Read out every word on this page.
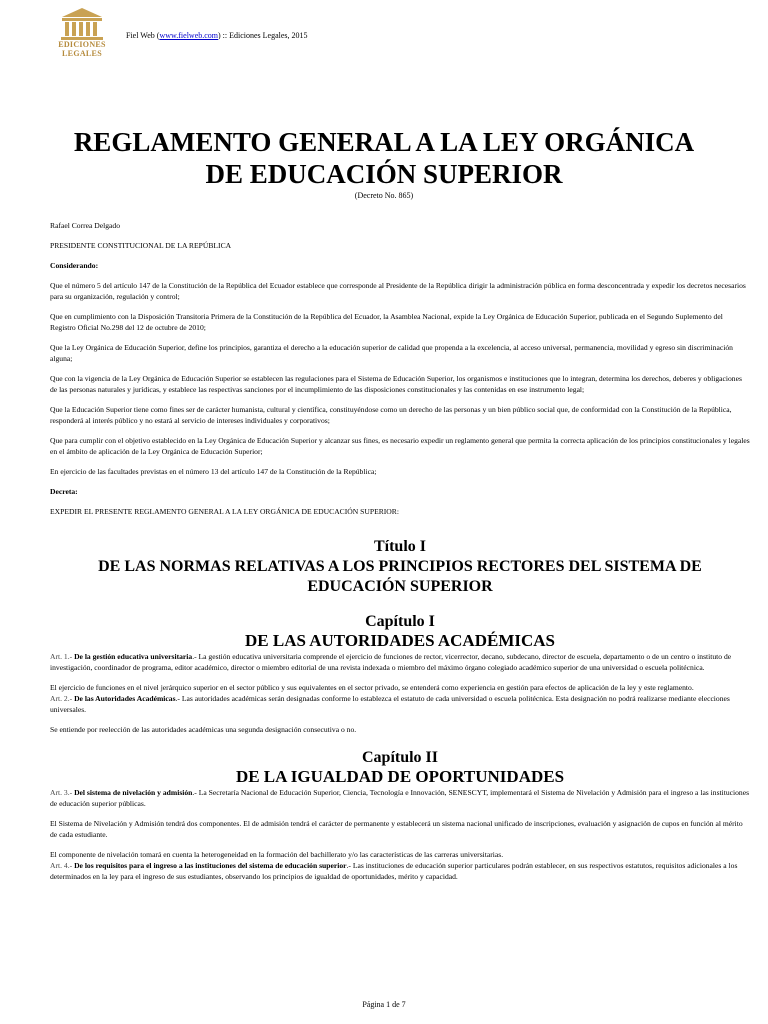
EDICIONES
LEGALES
Fiel Web (www.fielweb.com) :: Ediciones Legales, 2015
REGLAMENTO GENERAL A LA LEY ORGÁNICA
DE EDUCACIÓN SUPERIOR
(Decreto No. 865)

Rafael Correa Delgado

PRESIDENTE CONSTITUCIONAL DE LA REPÚBLICA

Considerando:

Que el número 5 del artículo 147 de la Constitución de la República del Ecuador establece que corresponde al Presidente de la República dirigir la administración pública en forma desconcentrada y expedir los decretos necesarios para su organización, regulación y control;

Que en cumplimiento con la Disposición Transitoria Primera de la Constitución de la República del Ecuador, la Asamblea Nacional, expide la Ley Orgánica de Educación Superior, publicada en el Segundo Suplemento del Registro Oficial No.298 del 12 de octubre de 2010;

Que la Ley Orgánica de Educación Superior, define los principios, garantiza el derecho a la educación superior de calidad que propenda a la excelencia, al acceso universal, permanencia, movilidad y egreso sin discriminación alguna;

Que con la vigencia de la Ley Orgánica de Educación Superior se establecen las regulaciones para el Sistema de Educación Superior, los organismos e instituciones que lo integran, determina los derechos, deberes y obligaciones de las personas naturales y jurídicas, y establece las respectivas sanciones por el incumplimiento de las disposiciones constitucionales y las contenidas en ese instrumento legal;

Que la Educación Superior tiene como fines ser de carácter humanista, cultural y científica, constituyéndose como un derecho de las personas y un bien público social que, de conformidad con la Constitución de la República, responderá al interés público y no estará al servicio de intereses individuales y corporativos;

Que para cumplir con el objetivo establecido en la Ley Orgánica de Educación Superior y alcanzar sus fines, es necesario expedir un reglamento general que permita la correcta aplicación de los principios constitucionales y legales en el ámbito de aplicación de la Ley Orgánica de Educación Superior;

En ejercicio de las facultades previstas en el número 13 del artículo 147 de la Constitución de la República;

Decreta:

EXPEDIR EL PRESENTE REGLAMENTO GENERAL A LA LEY ORGÁNICA DE EDUCACIÓN SUPERIOR:

Título I
DE LAS NORMAS RELATIVAS A LOS PRINCIPIOS RECTORES DEL SISTEMA DE EDUCACIÓN SUPERIOR
Capítulo I
DE LAS AUTORIDADES ACADÉMICAS

Art. 1.- De la gestión educativa universitaria.- La gestión educativa universitaria comprende el ejercicio de funciones de rector, vicerrector, decano, subdecano, director de escuela, departamento o de un centro o instituto de investigación, coordinador de programa, editor académico, director o miembro editorial de una revista indexada o miembro del máximo órgano colegiado académico superior de una universidad o escuela politécnica.

El ejercicio de funciones en el nivel jerárquico superior en el sector público y sus equivalentes en el sector privado, se entenderá como experiencia en gestión para efectos de aplicación de la ley y este reglamento.

Art. 2.- De las Autoridades Académicas.- Las autoridades académicas serán designadas conforme lo establezca el estatuto de cada universidad o escuela politécnica. Esta designación no podrá realizarse mediante elecciones universales.

Se entiende por reelección de las autoridades académicas una segunda designación consecutiva o no.

Capítulo II
DE LA IGUALDAD DE OPORTUNIDADES

Art. 3.- Del sistema de nivelación y admisión.- La Secretaría Nacional de Educación Superior, Ciencia, Tecnología e Innovación, SENESCYT, implementará el Sistema de Nivelación y Admisión para el ingreso a las instituciones de educación superior públicas.

El Sistema de Nivelación y Admisión tendrá dos componentes. El de admisión tendrá el carácter de permanente y establecerá un sistema nacional unificado de inscripciones, evaluación y asignación de cupos en función al mérito de cada estudiante.

El componente de nivelación tomará en cuenta la heterogeneidad en la formación del bachillerato y/o las características de las carreras universitarias.

Art. 4.- De los requisitos para el ingreso a las instituciones del sistema de educación superior.- Las instituciones de educación superior particulares podrán establecer, en sus respectivos estatutos, requisitos adicionales a los determinados en la ley para el ingreso de sus estudiantes, observando los principios de igualdad de oportunidades, mérito y capacidad.

Página 1 de 7
